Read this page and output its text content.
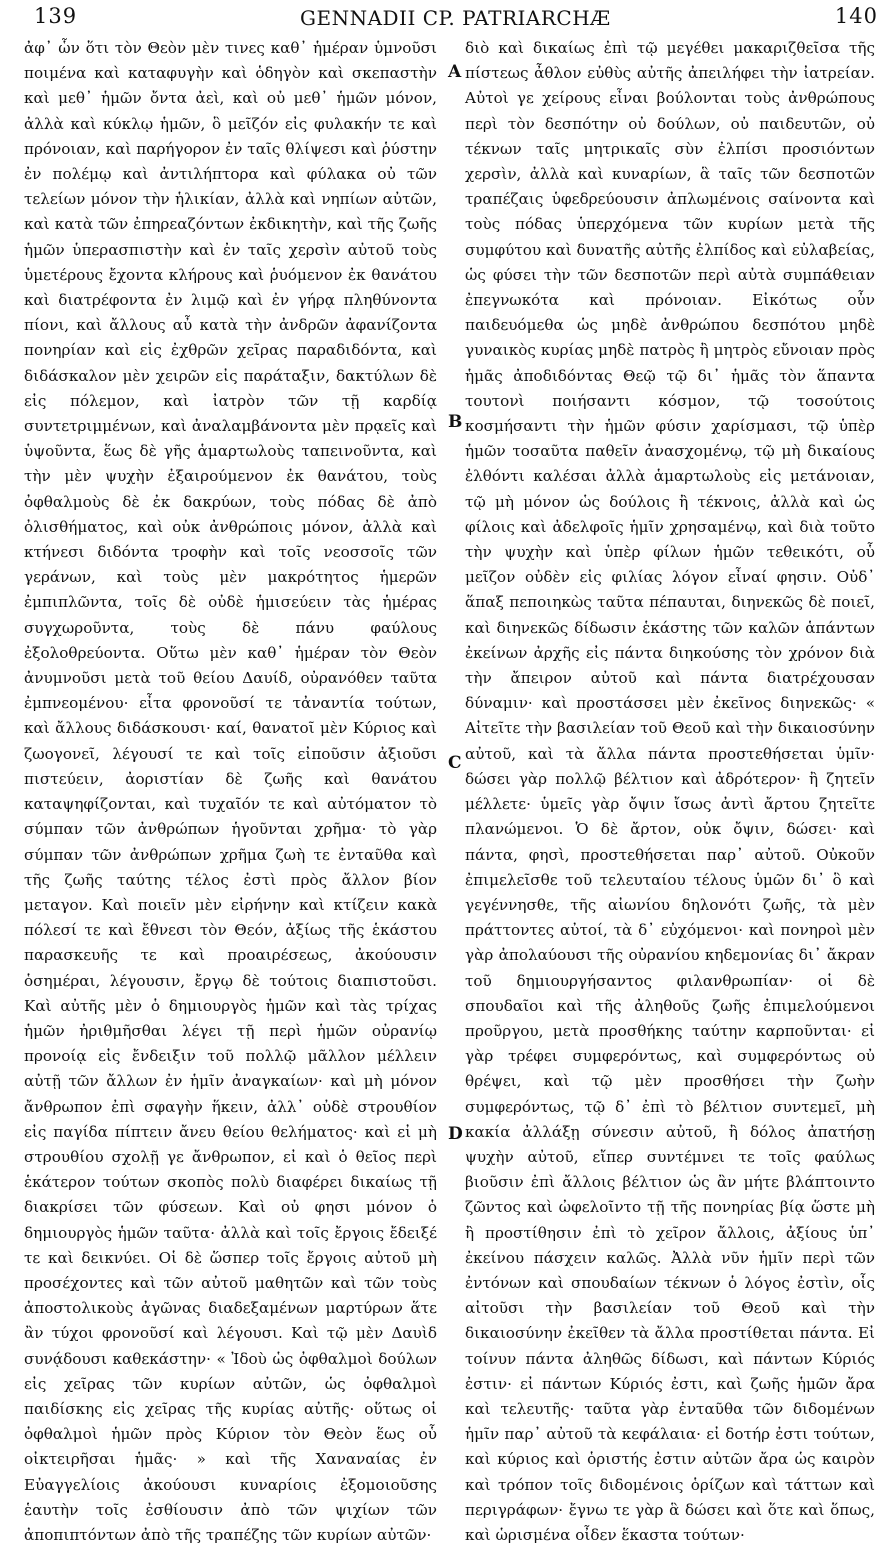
139	GENNADII CP. PATRIARCHÆ	140

ἀφ᾽ ὧν ὅτι τὸν Θεὸν μὲν τινες καθ᾽ ἡμέραν ὑμνοῦσι ποιμένα καὶ καταφυγὴν καὶ ὁδηγὸν καὶ σκεπαστὴν καὶ μεθ᾽ ἡμῶν ὄντα ἀεὶ, καὶ οὐ μεθ᾽ ἡμῶν μόνον, ἀλλὰ καὶ κύκλῳ ἡμῶν, ὃ μεῖζόν εἰς φυλακήν τε καὶ πρόνοιαν, καὶ παρήγορον ἐν ταῖς θλίψεσι καὶ ῥύστην ἐν πολέμῳ καὶ ἀντιλήπτορα καὶ φύλακα οὐ τῶν τελείων μόνον τὴν ἡλικίαν, ἀλλὰ καὶ νηπίων αὐτῶν, καὶ κατὰ τῶν ἐπηρεαζόντων ἐκδικητὴν, καὶ τῆς ζωῆς ἡμῶν ὑπερασπιστὴν καὶ ἐν ταῖς χερσὶν αὐτοῦ τοὺς ὑμετέρους ἔχοντα κλήρους καὶ ῥυόμενον ἐκ θανάτου καὶ διατρέφοντα ἐν λιμῷ καὶ ἐν γήρᾳ πληθύνοντα πίονι, καὶ ἄλλους αὖ κατὰ τὴν ἀνδρῶν ἀφανίζοντα πονηρίαν καὶ εἰς ἐχθρῶν χεῖρας παραδιδόντα, καὶ διδάσκαλον μὲν χειρῶν εἰς παράταξιν, δακτύλων δὲ εἰς πόλεμον, καὶ ἰατρὸν τῶν τῇ καρδίᾳ συντετριμμένων, καὶ ἀναλαμβάνοντα μὲν πρᾳεῖς καὶ ὑψοῦντα, ἕως δὲ γῆς ἁμαρτωλοὺς ταπεινοῦντα, καὶ τὴν μὲν ψυχὴν ἐξαιρούμενον ἐκ θανάτου, τοὺς ὀφθαλμοὺς δὲ ἐκ δακρύων, τοὺς πόδας δὲ ἀπὸ ὀλισθήματος, καὶ οὐκ ἀνθρώποις μόνον, ἀλλὰ καὶ κτήνεσι διδόντα τροφὴν καὶ τοῖς νεοσσοῖς τῶν γεράνων, καὶ τοὺς μὲν μακρότητος ἡμερῶν ἐμπιπλῶντα, τοῖς δὲ οὐδὲ ἡμισεύειν τὰς ἡμέρας συγχωροῦντα, τοὺς δὲ πάνυ φαύλους ἐξολοθρεύοντα. Οὕτω μὲν καθ᾽ ἡμέραν τὸν Θεὸν ἀνυμνοῦσι μετὰ τοῦ θείου Δαυίδ, οὐρανόθεν ταῦτα ἐμπνεομένου· εἶτα φρονοῦσί τε τἀναντία τούτων, καὶ ἄλλους διδάσκουσι· καί, θανατοῖ μὲν Κύριος καὶ ζωογονεῖ, λέγουσί τε καὶ τοῖς εἰποῦσιν ἀξιοῦσι πιστεύειν, ἀοριστίαν δὲ ζωῆς καὶ θανάτου καταψηφίζονται, καὶ τυχαῖόν τε καὶ αὐτόματον τὸ σύμπαν τῶν ἀνθρώπων ἡγοῦνται χρῆμα· τὸ γὰρ σύμπαν τῶν ἀνθρώπων χρῆμα ζωὴ τε ἐνταῦθα καὶ τῆς ζωῆς ταύτης τέλος ἐστὶ πρὸς ἄλλον βίον μεταγον. Καὶ ποιεῖν μὲν εἰρήνην καὶ κτίζειν κακὰ πόλεσί τε καὶ ἔθνεσι τὸν Θεόν, ἀξίως τῆς ἑκάστου παρασκευῆς τε καὶ προαιρέσεως, ἀκούουσιν ὁσημέραι, λέγουσιν, ἔργῳ δὲ τούτοις διαπιστοῦσι. Καὶ αὐτῆς μὲν ὁ δημιουργὸς ἡμῶν καὶ τὰς τρίχας ἡμῶν ἠριθμῆσθαι λέγει τῇ περὶ ἡμῶν οὐρανίῳ προνοίᾳ εἰς ἔνδειξιν τοῦ πολλῷ μᾶλλον μέλλειν αὐτῇ τῶν ἄλλων ἐν ἡμῖν ἀναγκαίων· καὶ μὴ μόνον ἄνθρωπον ἐπὶ σφαγὴν ἥκειν, ἀλλ᾽ οὐδὲ στρουθίον εἰς παγίδα πίπτειν ἄνευ θείου θελήματος· καὶ εἰ μὴ στρουθίου σχολῇ γε ἄνθρωπον, εἰ καὶ ὁ θεῖος περὶ ἑκάτερον τούτων σκοπὸς πολὺ διαφέρει δικαίως τῇ διακρίσει τῶν φύσεων. Καὶ οὐ φησι μόνον ὁ δημιουργὸς ἡμῶν ταῦτα· ἀλλὰ καὶ τοῖς ἔργοις ἔδειξέ τε καὶ δεικνύει. Οἱ δὲ ὥσπερ τοῖς ἔργοις αὐτοῦ μὴ προσέχοντες καὶ τῶν αὐτοῦ μαθητῶν καὶ τῶν τοὺς ἀποστολικοὺς ἀγῶνας διαδεξαμένων μαρτύρων ἅτε ἂν τύχοι φρονοῦσί καὶ λέγουσι. Καὶ τῷ μὲν Δαυὶδ συνᾴδουσι καθεκάστην· « Ἰδοὺ ὡς ὀφθαλμοὶ δούλων εἰς χεῖρας τῶν κυρίων αὐτῶν, ὡς ὀφθαλμοὶ παιδίσκης εἰς χεῖρας τῆς κυρίας αὐτῆς· οὕτως οἱ ὀφθαλμοὶ ἡμῶν πρὸς Κύριον τὸν Θεὸν ἕως οὗ οἰκτειρῆσαι ἡμᾶς· » καὶ τῆς Χαναναίας ἐν Εὐαγγελίοις ἀκούουσι κυναρίοις ἐξομοιοῦσης ἑαυτὴν τοῖς ἐσθίουσιν ἀπὸ τῶν ψιχίων τῶν ἀποπιπτόντων ἀπὸ τῆς τραπέζης τῶν κυρίων αὐτῶν·

A
B
C
D

διὸ καὶ δικαίως ἐπὶ τῷ μεγέθει μακαριζθεῖσα τῆς πίστεως ἆθλον εὐθὺς αὐτῆς ἀπειλήφει τὴν ἰατρείαν. Αὐτοὶ γε χείρους εἶναι βούλονται τοὺς ἀνθρώπους περὶ τὸν δεσπότην οὐ δούλων, οὐ παιδευτῶν, οὐ τέκνων ταῖς μητρικαῖς σὺν ἐλπίσι προσιόντων χερσὶν, ἀλλὰ καὶ κυναρίων, ἃ ταῖς τῶν δεσποτῶν τραπέζαις ὑφεδρεύουσιν ἀπλωμένοις σαίνοντα καὶ τοὺς πόδας ὑπερχόμενα τῶν κυρίων μετὰ τῆς συμφύτου καὶ δυνατῆς αὐτῆς ἐλπίδος καὶ εὐλαβείας, ὡς φύσει τὴν τῶν δεσποτῶν περὶ αὐτὰ συμπάθειαν ἐπεγνωκότα καὶ πρόνοιαν. Εἰκότως οὖν παιδευόμεθα ὡς μηδὲ ἀνθρώπου δεσπότου μηδὲ γυναικὸς κυρίας μηδὲ πατρὸς ἢ μητρὸς εὔνοιαν πρὸς ἡμᾶς ἀποδιδόντας Θεῷ τῷ δι᾽ ἡμᾶς τὸν ἅπαντα τουτονὶ ποιήσαντι κόσμον, τῷ τοσούτοις κοσμήσαντι τὴν ἡμῶν φύσιν χαρίσμασι, τῷ ὑπὲρ ἡμῶν τοσαῦτα παθεῖν ἀνασχομένῳ, τῷ μὴ δικαίους ἐλθόντι καλέσαι ἀλλὰ ἁμαρτωλοὺς εἰς μετάνοιαν, τῷ μὴ μόνον ὡς δούλοις ἢ τέκνοις, ἀλλὰ καὶ ὡς φίλοις καὶ ἀδελφοῖς ἡμῖν χρησαμένῳ, καὶ διὰ τοῦτο τὴν ψυχὴν καὶ ὑπὲρ φίλων ἡμῶν τεθεικότι, οὗ μεῖζον οὐδὲν εἰς φιλίας λόγον εἶναί φησιν. Οὐδ᾽ ἅπαξ πεποιηκὼς ταῦτα πέπαυται, διηνεκῶς δὲ ποιεῖ, καὶ διηνεκῶς δίδωσιν ἑκάστης τῶν καλῶν ἁπάντων ἐκείνων ἀρχῆς εἰς πάντα διηκούσης τὸν χρόνον διὰ τὴν ἄπειρον αὐτοῦ καὶ πάντα διατρέχουσαν δύναμιν· καὶ προστάσσει μὲν ἐκεῖνος διηνεκῶς· « Αἰτεῖτε τὴν βασιλείαν τοῦ Θεοῦ καὶ τὴν δικαιοσύνην αὐτοῦ, καὶ τὰ ἄλλα πάντα προστεθήσεται ὑμῖν· δώσει γὰρ πολλῷ βέλτιον καὶ ἀδρότερον· ἢ ζητεῖν μέλλετε· ὑμεῖς γὰρ ὄψιν ἴσως ἀντὶ ἄρτου ζητεῖτε πλανώμενοι. Ὁ δὲ ἄρτον, οὐκ ὄψιν, δώσει· καὶ πάντα, φησὶ, προστεθήσεται παρ᾽ αὐτοῦ. Οὐκοῦν ἐπιμελεῖσθε τοῦ τελευταίου τέλους ὑμῶν δι᾽ ὃ καὶ γεγέννησθε, τῆς αἰωνίου δηλονότι ζωῆς, τὰ μὲν πράττοντες αὐτοί, τὰ δ᾽ εὐχόμενοι· καὶ πονηροὶ μὲν γὰρ ἀπολαύουσι τῆς οὐρανίου κηδεμονίας δι᾽ ἄκραν τοῦ δημιουργήσαντος φιλανθρωπίαν· οἱ δὲ σπουδαῖοι καὶ τῆς ἀληθοῦς ζωῆς ἐπιμελούμενοι προῦργου, μετὰ προσθήκης ταύτην καρποῦνται· εἰ γὰρ τρέφει συμφερόντως, καὶ συμφερόντως οὐ θρέψει, καὶ τῷ μὲν προσθήσει τὴν ζωὴν συμφερόντως, τῷ δ᾽ ἐπὶ τὸ βέλτιον συντεμεῖ, μὴ κακία ἀλλάξῃ σύνεσιν αὐτοῦ, ἢ δόλος ἀπατήσῃ ψυχὴν αὐτοῦ, εἴπερ συντέμνει τε τοῖς φαύλως βιοῦσιν ἐπὶ ἄλλοις βέλτιον ὡς ἂν μήτε βλάπτοιντο ζῶντος καὶ ὠφελοῖντο τῇ τῆς πονηρίας βίᾳ ὥστε μὴ ἢ προστίθησιν ἐπὶ τὸ χεῖρον ἄλλοις, ἀξίους ὑπ᾽ ἐκείνου πάσχειν καλῶς. Ἀλλὰ νῦν ἡμῖν περὶ τῶν ἐντόνων καὶ σπουδαίων τέκνων ὁ λόγος ἐστὶν, οἷς αἰτοῦσι τὴν βασιλείαν τοῦ Θεοῦ καὶ τὴν δικαιοσύνην ἐκεῖθεν τὰ ἄλλα προστίθεται πάντα. Εἰ τοίνυν πάντα ἀληθῶς δίδωσι, καὶ πάντων Κύριός ἐστιν· εἰ πάντων Κύριός ἐστι, καὶ ζωῆς ἡμῶν ἄρα καὶ τελευτῆς· ταῦτα γὰρ ἐνταῦθα τῶν διδομένων ἡμῖν παρ᾽ αὐτοῦ τὰ κεφάλαια· εἰ δοτήρ ἐστι τούτων, καὶ κύριος καὶ ὁριστής ἐστιν αὐτῶν ἄρα ὡς καιρὸν καὶ τρόπον τοῖς διδομένοις ὁρίζων καὶ τάττων καὶ περιγράφων· ἔγνω τε γὰρ ἃ δώσει καὶ ὅτε καὶ ὅπως, καὶ ὡρισμένα οἶδεν ἕκαστα τούτων·
